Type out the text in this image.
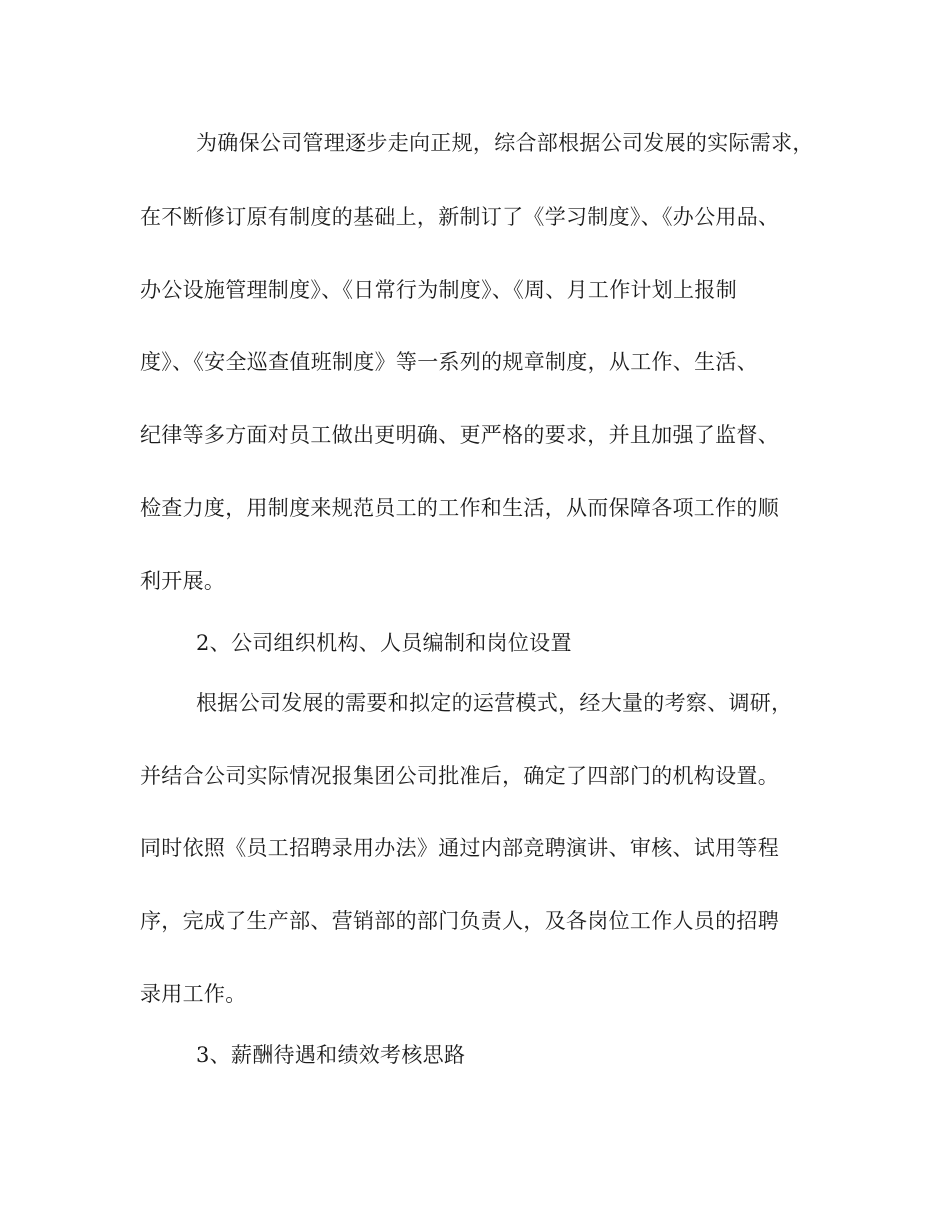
为确保公司管理逐步走向正规，综合部根据公司发展的实际需求，
在不断修订原有制度的基础上，新制订了《学习制度》、《办公用品、
办公设施管理制度》、《日常行为制度》、《周、月工作计划上报制
度》、《安全巡查值班制度》等一系列的规章制度，从工作、生活、
纪律等多方面对员工做出更明确、更严格的要求，并且加强了监督、
检查力度，用制度来规范员工的工作和生活，从而保障各项工作的顺
利开展。
2、公司组织机构、人员编制和岗位设置
根据公司发展的需要和拟定的运营模式，经大量的考察、调研，
并结合公司实际情况报集团公司批准后，确定了四部门的机构设置。
同时依照《员工招聘录用办法》通过内部竞聘演讲、审核、试用等程
序，完成了生产部、营销部的部门负责人，及各岗位工作人员的招聘
录用工作。
3、薪酬待遇和绩效考核思路
